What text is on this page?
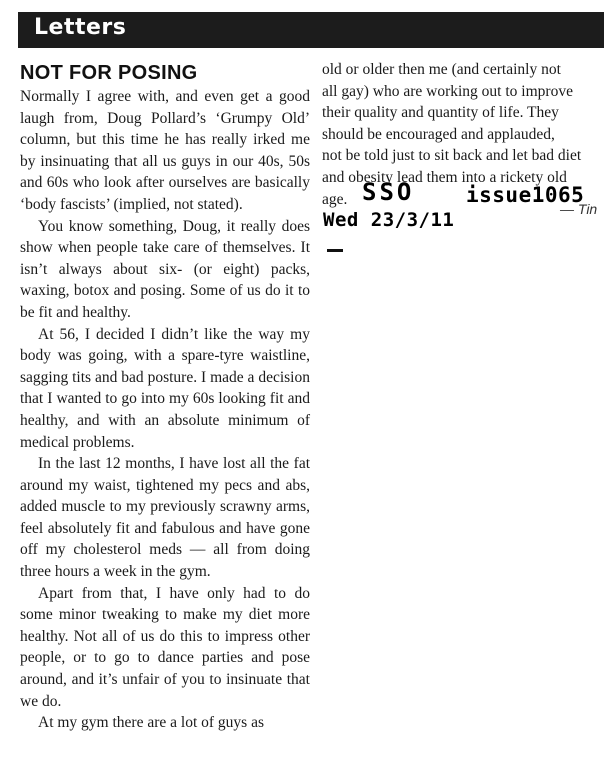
Letters
NOT FOR POSING

Normally I agree with, and even get a good laugh from, Doug Pollard’s ‘Grumpy Old’ column, but this time he has really irked me by insinuating that all us guys in our 40s, 50s and 60s who look after ourselves are basically ‘body fascists’ (implied, not stated).

You know something, Doug, it really does show when people take care of themselves. It isn’t always about six- (or eight) packs, waxing, botox and posing. Some of us do it to be fit and healthy.

At 56, I decided I didn’t like the way my body was going, with a spare-tyre waistline, sagging tits and bad posture. I made a decision that I wanted to go into my 60s looking fit and healthy, and with an absolute minimum of medical problems.

In the last 12 months, I have lost all the fat around my waist, tightened my pecs and abs, added muscle to my previously scrawny arms, feel absolutely fit and fabulous and have gone off my cholesterol meds — all from doing three hours a week in the gym.

Apart from that, I have only had to do some minor tweaking to make my diet more healthy. Not all of us do this to impress other people, or to go to dance parties and pose around, and it’s unfair of you to insinuate that we do.

At my gym there are a lot of guys as

old or older then me (and certainly not
all gay) who are working out to improve
their quality and quantity of life. They
should be encouraged and applauded,
not be told just to sit back and let bad diet
and obesity lead them into a rickety old
age.
— Tin
SSO issue1065
Wed 23/3/11
